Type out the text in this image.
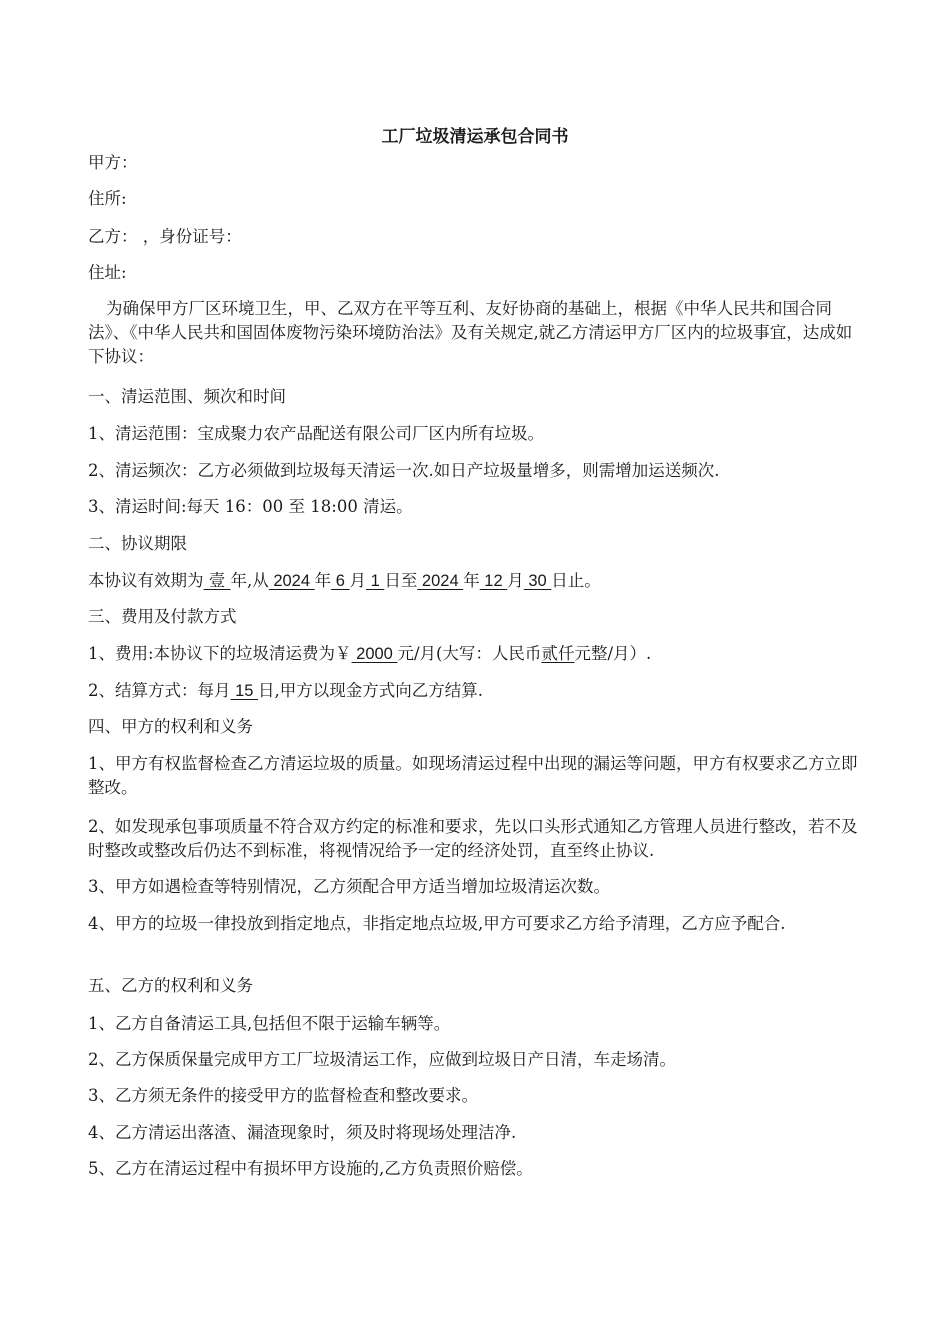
工厂垃圾清运承包合同书
甲方：
住所:
乙方： ，身份证号：
住址:
为确保甲方厂区环境卫生，甲、乙双方在平等互利、友好协商的基础上，根据《中华人民共和国合同法》、《中华人民共和国固体废物污染环境防治法》及有关规定,就乙方清运甲方厂区内的垃圾事宜，达成如下协议：
一、清运范围、频次和时间
1、清运范围：宝成聚力农产品配送有限公司厂区内所有垃圾。
2、清运频次：乙方必须做到垃圾每天清运一次.如日产垃圾量增多，则需增加运送频次.
3、清运时间:每天 16：00 至 18:00 清运。
二、协议期限
本协议有效期为 壹 年,从 2024 年 6 月 1 日至 2024 年 12 月 30 日止。
三、费用及付款方式
1、费用:本协议下的垃圾清运费为￥ 2000 元/月(大写：人民币贰仟元整/月）.
2、结算方式：每月 15 日,甲方以现金方式向乙方结算.
四、甲方的权利和义务
1、甲方有权监督检查乙方清运垃圾的质量。如现场清运过程中出现的漏运等问题，甲方有权要求乙方立即整改。
2、如发现承包事项质量不符合双方约定的标准和要求，先以口头形式通知乙方管理人员进行整改，若不及时整改或整改后仍达不到标准，将视情况给予一定的经济处罚，直至终止协议.
3、甲方如遇检查等特别情况，乙方须配合甲方适当增加垃圾清运次数。
4、甲方的垃圾一律投放到指定地点，非指定地点垃圾,甲方可要求乙方给予清理，乙方应予配合.
五、乙方的权利和义务
1、乙方自备清运工具,包括但不限于运输车辆等。
2、乙方保质保量完成甲方工厂垃圾清运工作，应做到垃圾日产日清，车走场清。
3、乙方须无条件的接受甲方的监督检查和整改要求。
4、乙方清运出落渣、漏渣现象时，须及时将现场处理洁净.
5、乙方在清运过程中有损坏甲方设施的,乙方负责照价赔偿。
